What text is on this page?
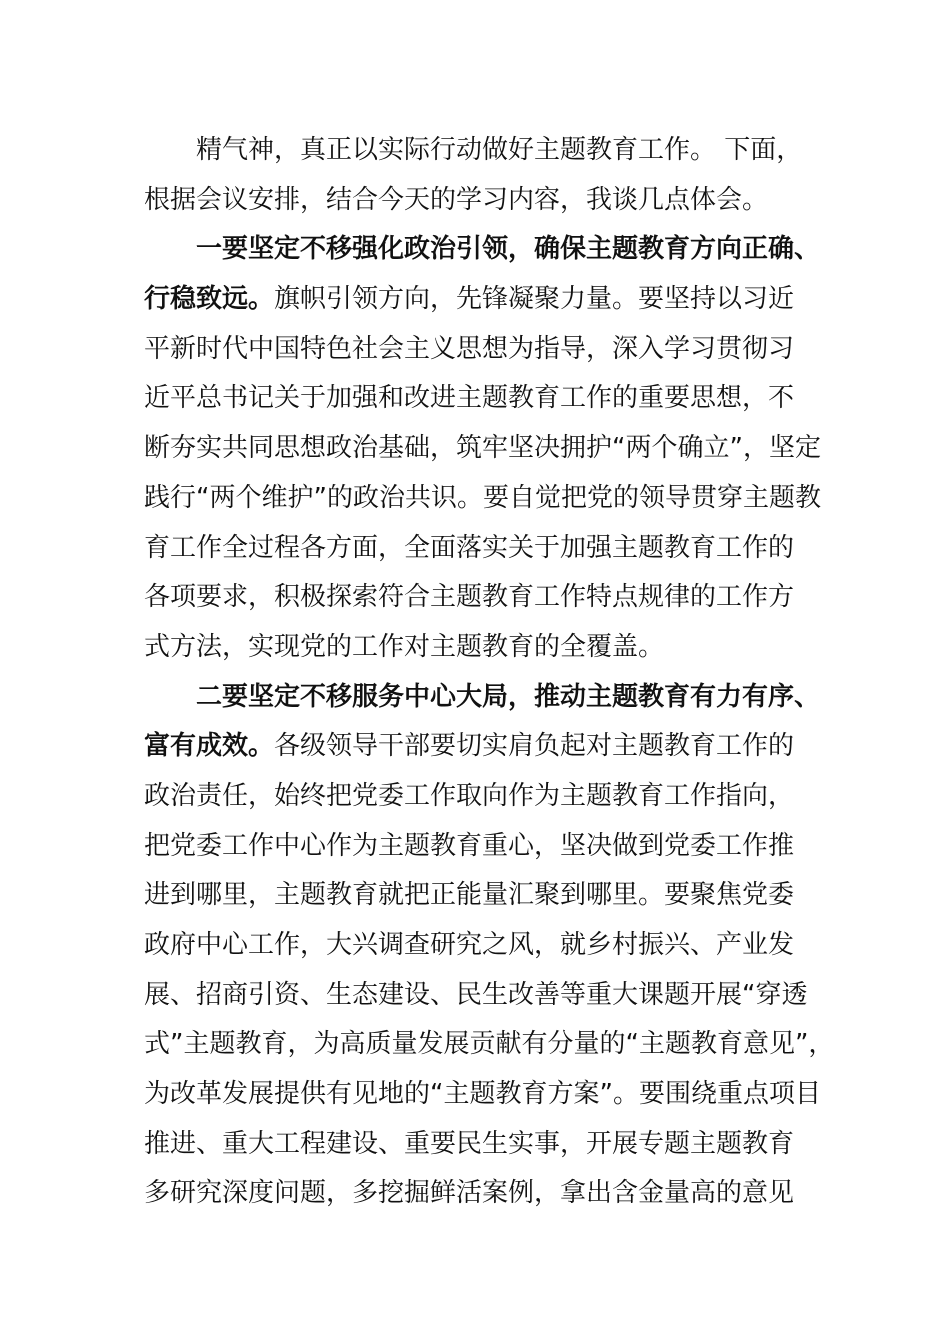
精气神，真正以实际行动做好主题教育工作。 下面，
根据会议安排，结合今天的学习内容，我谈几点体会。
一要坚定不移强化政治引领，确保主题教育方向正确、
行稳致远。旗帜引领方向，先锋凝聚力量。要坚持以习近
平新时代中国特色社会主义思想为指导，深入学习贯彻习
近平总书记关于加强和改进主题教育工作的重要思想，不
断夯实共同思想政治基础，筑牢坚决拥护“两个确立”，坚定
践行“两个维护”的政治共识。要自觉把党的领导贯穿主题教
育工作全过程各方面，全面落实关于加强主题教育工作的
各项要求，积极探索符合主题教育工作特点规律的工作方
式方法，实现党的工作对主题教育的全覆盖。
二要坚定不移服务中心大局，推动主题教育有力有序、
富有成效。各级领导干部要切实肩负起对主题教育工作的
政治责任，始终把党委工作取向作为主题教育工作指向，
把党委工作中心作为主题教育重心，坚决做到党委工作推
进到哪里，主题教育就把正能量汇聚到哪里。要聚焦党委
政府中心工作，大兴调查研究之风，就乡村振兴、产业发
展、招商引资、生态建设、民生改善等重大课题开展“穿透
式”主题教育，为高质量发展贡献有分量的“主题教育意见”，
为改革发展提供有见地的“主题教育方案”。要围绕重点项目
推进、重大工程建设、重要民生实事，开展专题主题教育
多研究深度问题，多挖掘鲜活案例，拿出含金量高的意见
